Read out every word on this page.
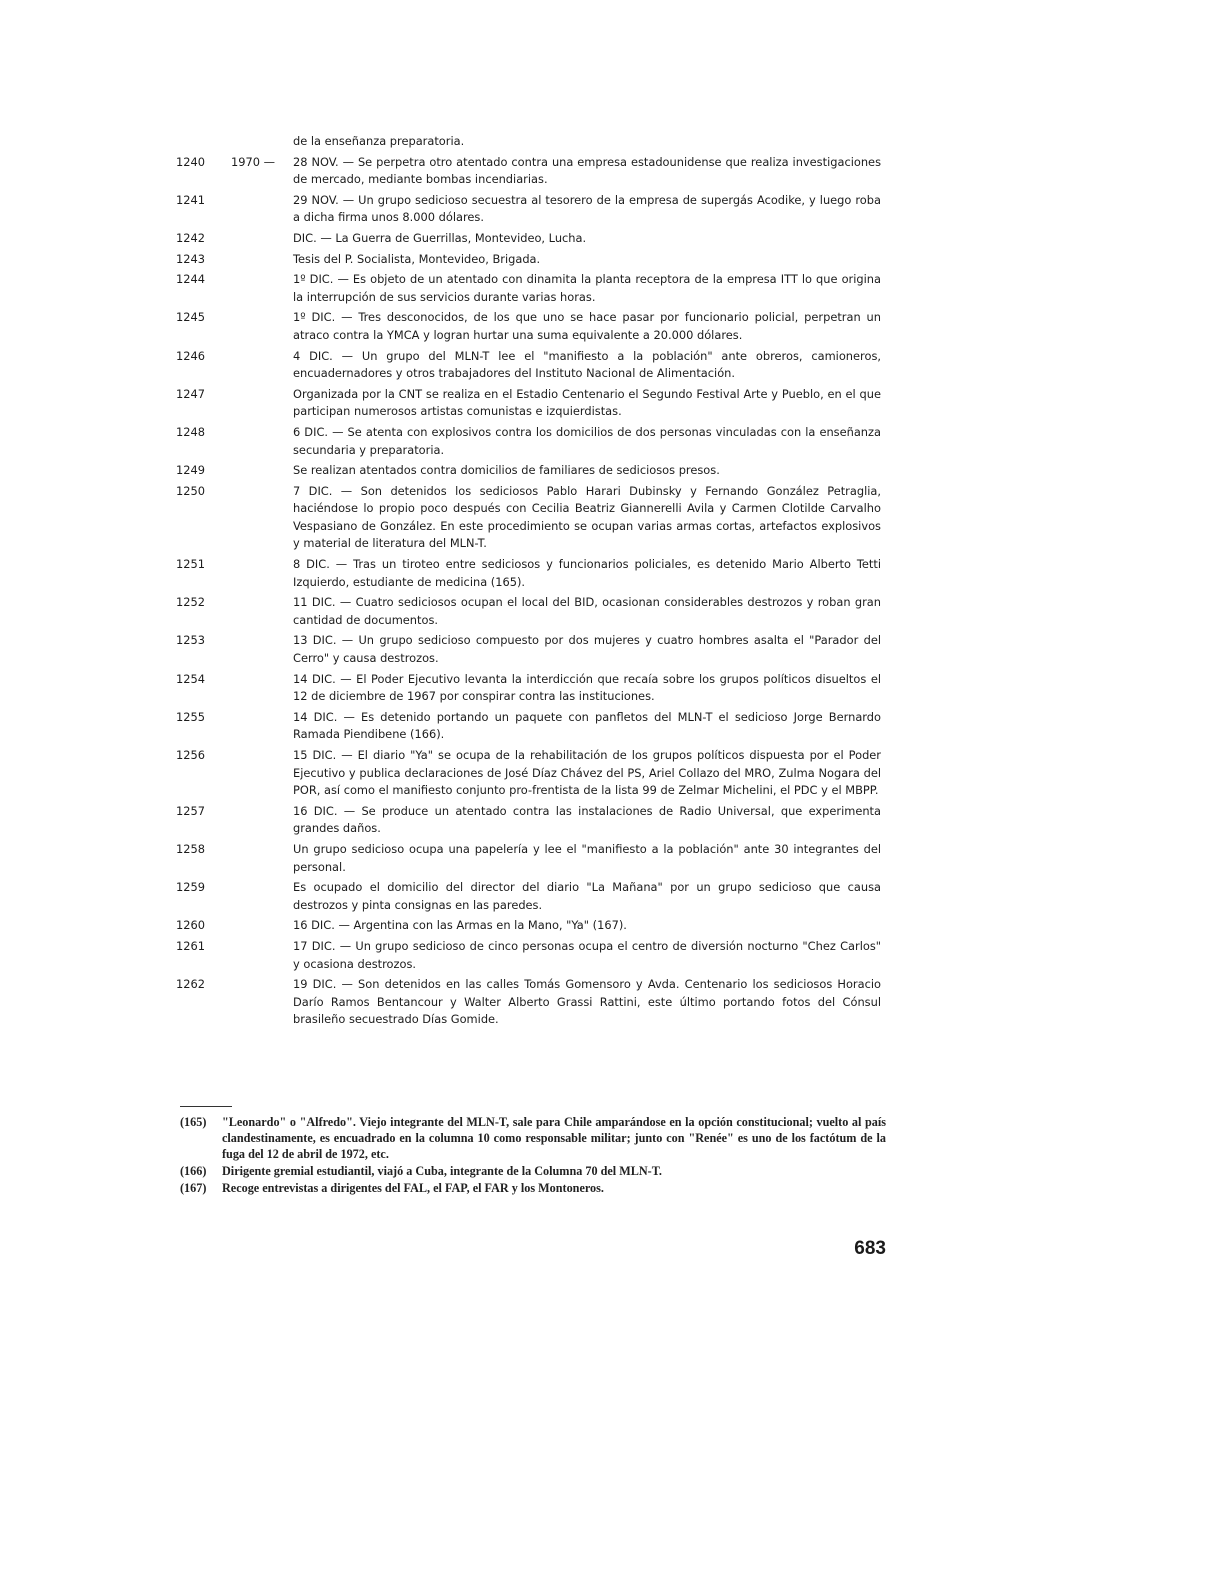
de la enseñanza preparatoria.
1240	1970 —	28 NOV. — Se perpetra otro atentado contra una empresa estadounidense que realiza investigaciones de mercado, mediante bombas incendiarias.
1241	29 NOV. — Un grupo sedicioso secuestra al tesorero de la empresa de supergás Acodike, y luego roba a dicha firma unos 8.000 dólares.
1242	DIC. — La Guerra de Guerrillas, Montevideo, Lucha.
1243	Tesis del P. Socialista, Montevideo, Brigada.
1244	1º DIC. — Es objeto de un atentado con dinamita la planta receptora de la empresa ITT lo que origina la interrupción de sus servicios durante varias horas.
1245	1º DIC. — Tres desconocidos, de los que uno se hace pasar por funcionario policial, perpetran un atraco contra la YMCA y logran hurtar una suma equivalente a 20.000 dólares.
1246	4 DIC. — Un grupo del MLN-T lee el "manifiesto a la población" ante obreros, camioneros, encuadernadores y otros trabajadores del Instituto Nacional de Alimentación.
1247	Organizada por la CNT se realiza en el Estadio Centenario el Segundo Festival Arte y Pueblo, en el que participan numerosos artistas comunistas e izquierdistas.
1248	6 DIC. — Se atenta con explosivos contra los domicilios de dos personas vinculadas con la enseñanza secundaria y preparatoria.
1249	Se realizan atentados contra domicilios de familiares de sediciosos presos.
1250	7 DIC. — Son detenidos los sediciosos Pablo Harari Dubinsky y Fernando González Petraglia, haciéndose lo propio poco después con Cecilia Beatriz Giannerelli Avila y Carmen Clotilde Carvalho Vespasiano de González. En este procedimiento se ocupan varias armas cortas, artefactos explosivos y material de literatura del MLN-T.
1251	8 DIC. — Tras un tiroteo entre sediciosos y funcionarios policiales, es detenido Mario Alberto Tetti Izquierdo, estudiante de medicina (165).
1252	11 DIC. — Cuatro sediciosos ocupan el local del BID, ocasionan considerables destrozos y roban gran cantidad de documentos.
1253	13 DIC. — Un grupo sedicioso compuesto por dos mujeres y cuatro hombres asalta el "Parador del Cerro" y causa destrozos.
1254	14 DIC. — El Poder Ejecutivo levanta la interdicción que recaía sobre los grupos políticos disueltos el 12 de diciembre de 1967 por conspirar contra las instituciones.
1255	14 DIC. — Es detenido portando un paquete con panfletos del MLN-T el sedicioso Jorge Bernardo Ramada Piendibene (166).
1256	15 DIC. — El diario "Ya" se ocupa de la rehabilitación de los grupos políticos dispuesta por el Poder Ejecutivo y publica declaraciones de José Díaz Chávez del PS, Ariel Collazo del MRO, Zulma Nogara del POR, así como el manifiesto conjunto pro-frentista de la lista 99 de Zelmar Michelini, el PDC y el MBPP.
1257	16 DIC. — Se produce un atentado contra las instalaciones de Radio Universal, que experimenta grandes daños.
1258	Un grupo sedicioso ocupa una papelería y lee el "manifiesto a la población" ante 30 integrantes del personal.
1259	Es ocupado el domicilio del director del diario "La Mañana" por un grupo sedicioso que causa destrozos y pinta consignas en las paredes.
1260	16 DIC. — Argentina con las Armas en la Mano, "Ya" (167).
1261	17 DIC. — Un grupo sedicioso de cinco personas ocupa el centro de diversión nocturno "Chez Carlos" y ocasiona destrozos.
1262	19 DIC. — Son detenidos en las calles Tomás Gomensoro y Avda. Centenario los sediciosos Horacio Darío Ramos Bentancour y Walter Alberto Grassi Rattini, este último portando fotos del Cónsul brasileño secuestrado Días Gomide.
(165)	"Leonardo" o "Alfredo". Viejo integrante del MLN-T, sale para Chile amparándose en la opción constitucional; vuelto al país clandestinamente, es encuadrado en la columna 10 como responsable militar; junto con "Renée" es uno de los factótum de la fuga del 12 de abril de 1972, etc.
(166)	Dirigente gremial estudiantil, viajó a Cuba, integrante de la Columna 70 del MLN-T.
(167)	Recoge entrevistas a dirigentes del FAL, el FAP, el FAR y los Montoneros.
683
